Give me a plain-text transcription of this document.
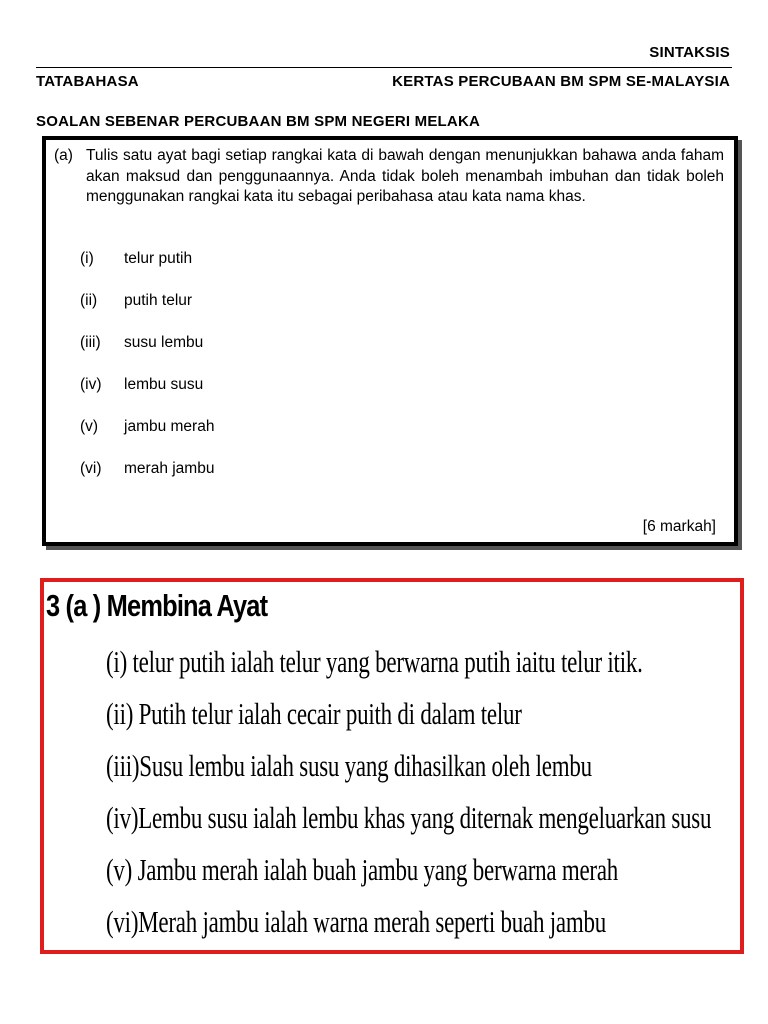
SINTAKSIS
TATABAHASA	KERTAS PERCUBAAN BM SPM SE-MALAYSIA
SOALAN SEBENAR PERCUBAAN BM SPM NEGERI MELAKA
(a) Tulis satu ayat bagi setiap rangkai kata di bawah dengan menunjukkan bahawa anda faham akan maksud dan penggunaannya. Anda tidak boleh menambah imbuhan dan tidak boleh menggunakan rangkai kata itu sebagai peribahasa atau kata nama khas.
(i) telur putih
(ii) putih telur
(iii) susu lembu
(iv) lembu susu
(v) jambu merah
(vi) merah jambu
[6 markah]
3 (a ) Membina Ayat
(i) telur putih ialah telur yang berwarna putih iaitu telur itik.
(ii) Putih telur ialah cecair puith di dalam telur
(iii)Susu lembu ialah susu yang dihasilkan oleh lembu
(iv)Lembu susu ialah lembu khas yang diternak mengeluarkan susu
(v) Jambu merah ialah buah jambu yang berwarna merah
(vi)Merah jambu ialah warna merah seperti buah jambu
